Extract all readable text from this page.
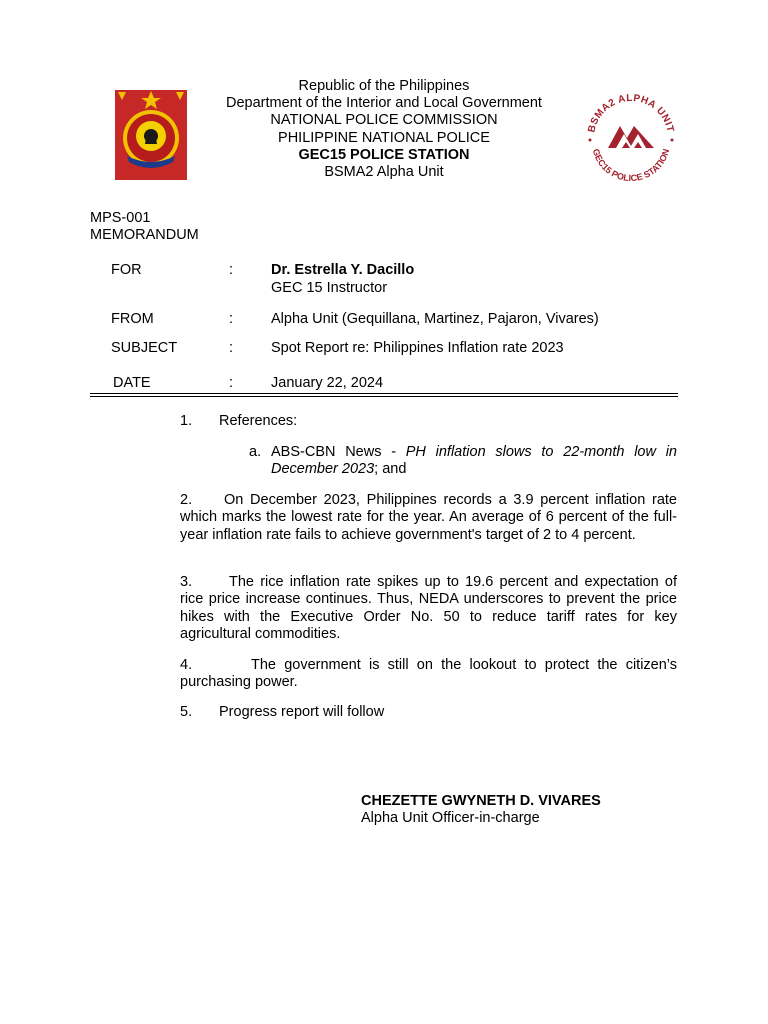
BSMA2 ALPHA UNIT
GEC15 POLICE STATION
Republic of the Philippines
Department of the Interior and Local Government
NATIONAL POLICE COMMISSION
PHILIPPINE NATIONAL POLICE
GEC15 POLICE STATION
BSMA2 Alpha Unit
MPS-001
MEMORANDUM
FOR	:	Dr. Estrella Y. Dacillo
GEC 15 Instructor
FROM	:	Alpha Unit (Gequillana, Martinez, Pajaron, Vivares)
SUBJECT	:	Spot Report re: Philippines Inflation rate 2023
DATE	:	January 22, 2024
1. References:
a. ABS-CBN News - PH inflation slows to 22-month low in
December 2023; and
2. On December 2023, Philippines records a 3.9 percent inflation rate which marks the lowest rate for the year. An average of 6 percent of the full-year inflation rate fails to achieve government's target of 2 to 4 percent.
3.	The rice inflation rate spikes up to 19.6 percent and expectation of rice price increase continues. Thus, NEDA underscores to prevent the price hikes with the Executive Order No. 50 to reduce tariff rates for key agricultural commodities.
4.	The government is still on the lookout to protect the citizen’s purchasing power.
5. Progress report will follow
CHEZETTE GWYNETH D. VIVARES
Alpha Unit Officer-in-charge
